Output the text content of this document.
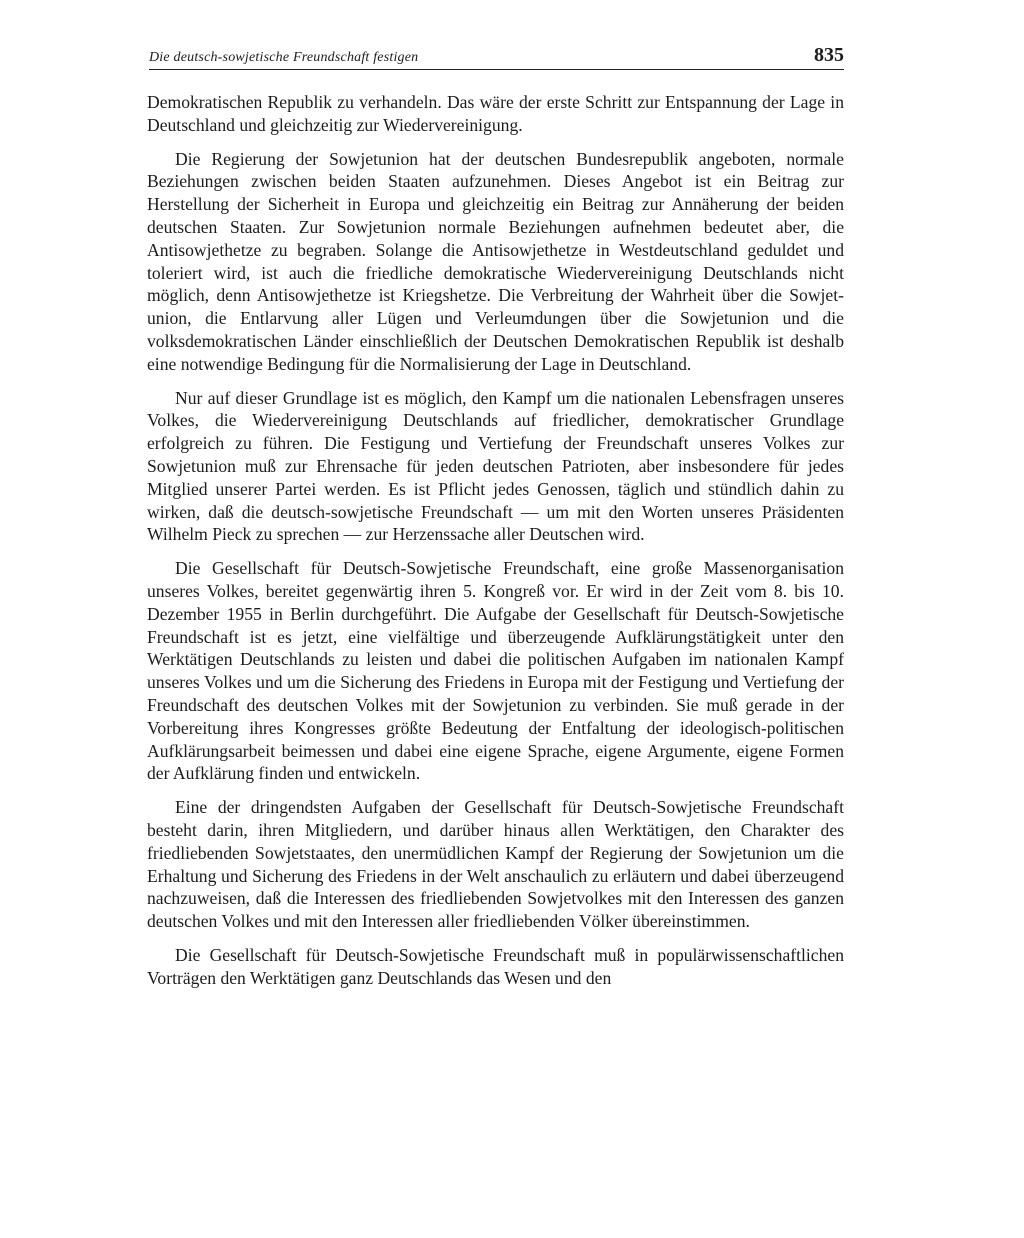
Die deutsch-sowjetische Freundschaft festigen	835

Demokratischen Republik zu verhandeln. Das wäre der erste Schritt zur Entspannung der Lage in Deutschland und gleichzeitig zur Wiedervereinigung.

Die Regierung der Sowjetunion hat der deutschen Bundesrepublik angeboten, normale Beziehungen zwischen beiden Staaten aufzunehmen. Dieses Angebot ist ein Beitrag zur Herstellung der Sicherheit in Europa und gleichzeitig ein Beitrag zur Annäherung der beiden deutschen Staaten. Zur Sowjetunion normale Beziehungen aufnehmen bedeutet aber, die Antisowjethetze zu begraben. Solange die Antisowjethetze in Westdeutschland geduldet und toleriert wird, ist auch die friedliche demokratische Wiedervereinigung Deutschlands nicht möglich, denn Antisowjethetze ist Kriegshetze. Die Verbreitung der Wahrheit über die Sowjetunion, die Entlarvung aller Lügen und Verleumdungen über die Sowjetunion und die volksdemokratischen Länder einschließlich der Deutschen Demokratischen Republik ist deshalb eine notwendige Bedingung für die Normalisierung der Lage in Deutschland.

Nur auf dieser Grundlage ist es möglich, den Kampf um die nationalen Lebensfragen unseres Volkes, die Wiedervereinigung Deutschlands auf friedlicher, demokratischer Grundlage erfolgreich zu führen. Die Festigung und Vertiefung der Freundschaft unseres Volkes zur Sowjetunion muß zur Ehrensache für jeden deutschen Patrioten, aber insbesondere für jedes Mitglied unserer Partei werden. Es ist Pflicht jedes Genossen, täglich und stündlich dahin zu wirken, daß die deutsch-sowjetische Freundschaft — um mit den Worten unseres Präsidenten Wilhelm Pieck zu sprechen — zur Herzenssache aller Deutschen wird.

Die Gesellschaft für Deutsch-Sowjetische Freundschaft, eine große Massenorganisation unseres Volkes, bereitet gegenwärtig ihren 5. Kongreß vor. Er wird in der Zeit vom 8. bis 10. Dezember 1955 in Berlin durchgeführt. Die Aufgabe der Gesellschaft für Deutsch-Sowjetische Freundschaft ist es jetzt, eine vielfältige und überzeugende Aufklärungstätigkeit unter den Werktätigen Deutschlands zu leisten und dabei die politischen Aufgaben im nationalen Kampf unseres Volkes und um die Sicherung des Friedens in Europa mit der Festigung und Vertiefung der Freundschaft des deutschen Volkes mit der Sowjetunion zu verbinden. Sie muß gerade in der Vorbereitung ihres Kongresses größte Bedeutung der Entfaltung der ideologisch-politischen Aufklärungsarbeit beimessen und dabei eine eigene Sprache, eigene Argumente, eigene Formen der Aufklärung finden und entwickeln.

Eine der dringendsten Aufgaben der Gesellschaft für Deutsch-Sowjetische Freundschaft besteht darin, ihren Mitgliedern, und darüber hinaus allen Werktätigen, den Charakter des friedliebenden Sowjetstaates, den unermüdlichen Kampf der Regierung der Sowjetunion um die Erhaltung und Sicherung des Friedens in der Welt anschaulich zu erläutern und dabei überzeugend nachzuweisen, daß die Interessen des friedliebenden Sowjetvolkes mit den Interessen des ganzen deutschen Volkes und mit den Interessen aller friedliebenden Völker übereinstimmen.

Die Gesellschaft für Deutsch-Sowjetische Freundschaft muß in populärwissenschaftlichen Vorträgen den Werktätigen ganz Deutschlands das Wesen und den
